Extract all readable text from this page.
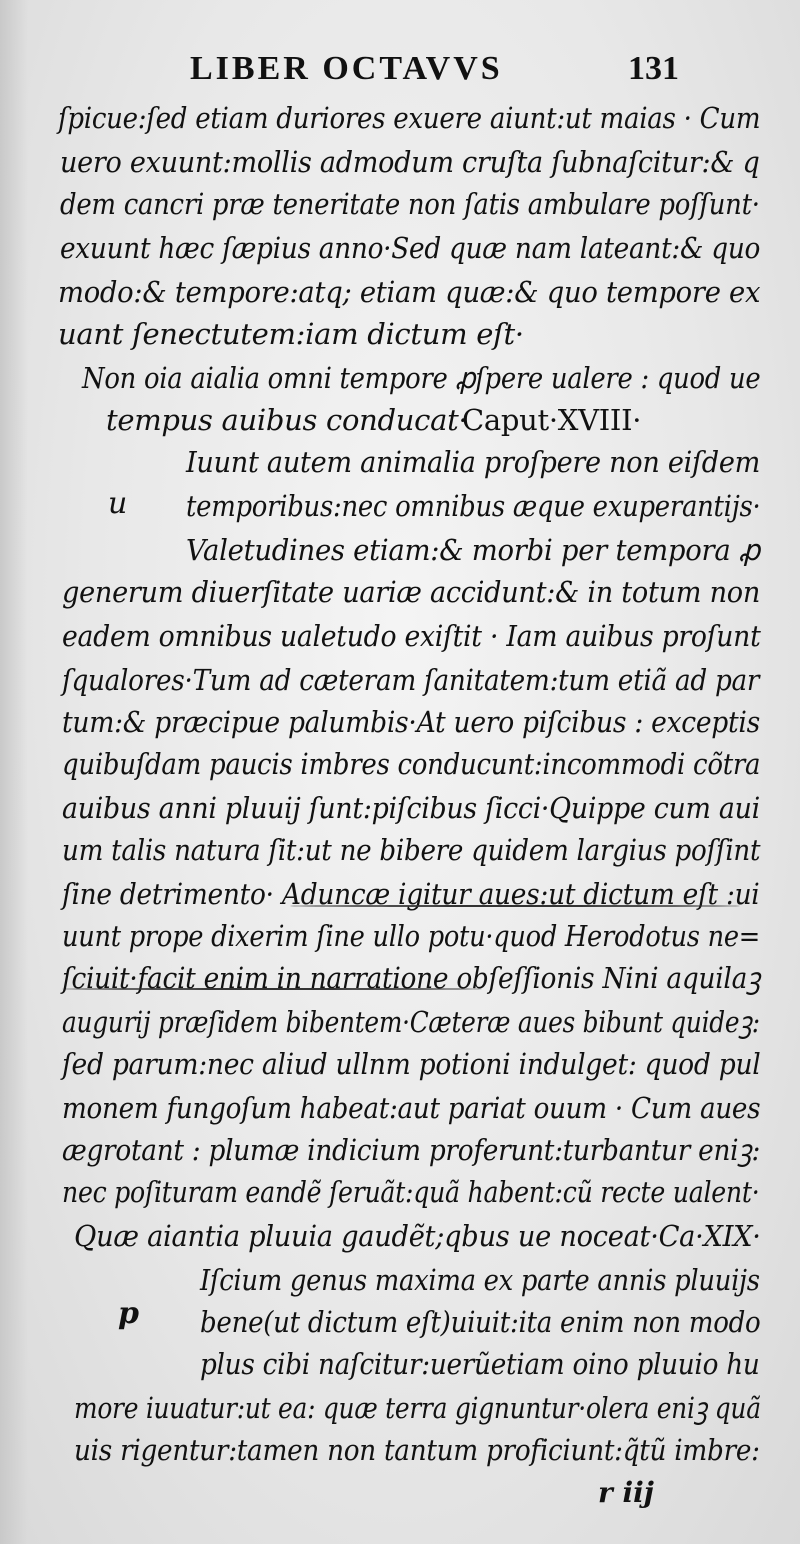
LIBER OCTAVVS	131
ſpicue:ſed etiam duriores exuere aiunt:ut maias · Cum
uero exuunt:mollis admodum cruſta ſubnaſcitur:& q
dem cancri præ teneritate non ſatis ambulare poſſunt·
exuunt hæc ſæpius anno·Sed quæ nam lateant:& quo
modo:& tempore:atq; etiam quæ:& quo tempore ex
uant ſenectutem:iam dictum eſt·
Non oia aialia omni tempore ꝓſpere ualere : quod ue
tempus auibus conducat·
Caput·XVIII·
u
Iuunt autem animalia proſpere non eiſdem
temporibus:nec omnibus æque exuperantijs·
Valetudines etiam:& morbi per tempora ꝓ
generum diuerſitate uariæ accidunt:& in totum non
eadem omnibus ualetudo exiſtit · Iam auibus proſunt
ſqualores·Tum ad cæteram ſanitatem:tum etiã ad par
tum:& præcipue palumbis·At uero piſcibus : exceptis
quibuſdam paucis imbres conducunt:incommodi cõtra
auibus anni pluuij ſunt:piſcibus ſicci·Quippe cum aui
um talis natura ſit:ut ne bibere quidem largius poſſint
ſine detrimento· Aduncæ igitur aues:ut dictum eſt :ui
uunt prope dixerim ſine ullo potu·quod Herodotus ne=
ſciuit·facit enim in narratione obſeſſionis Nini aquilaꝫ
augurij præſidem bibentem·Cæteræ aues bibunt quideꝫ:
ſed parum:nec aliud ullnm potioni indulget: quod pul
monem fungoſum habeat:aut pariat ouum · Cum aues
ægrotant : plumæ indicium proferunt:turbantur eniꝫ:
nec poſituram eandẽ ſeruãt:quã habent:cũ recte ualent·
Quæ aiantia pluuia gaudẽt;qbus ue noceat·Ca·XIX·
p
Iſcium genus maxima ex parte annis pluuijs
bene(ut dictum eſt)uiuit:ita enim non modo
plus cibi naſcitur:uerũetiam oino pluuio hu
more iuuatur:ut ea: quæ terra gignuntur·olera eniꝫ quã
uis rigentur:tamen non tantum proficiunt:q̃tũ imbre:
r iij
